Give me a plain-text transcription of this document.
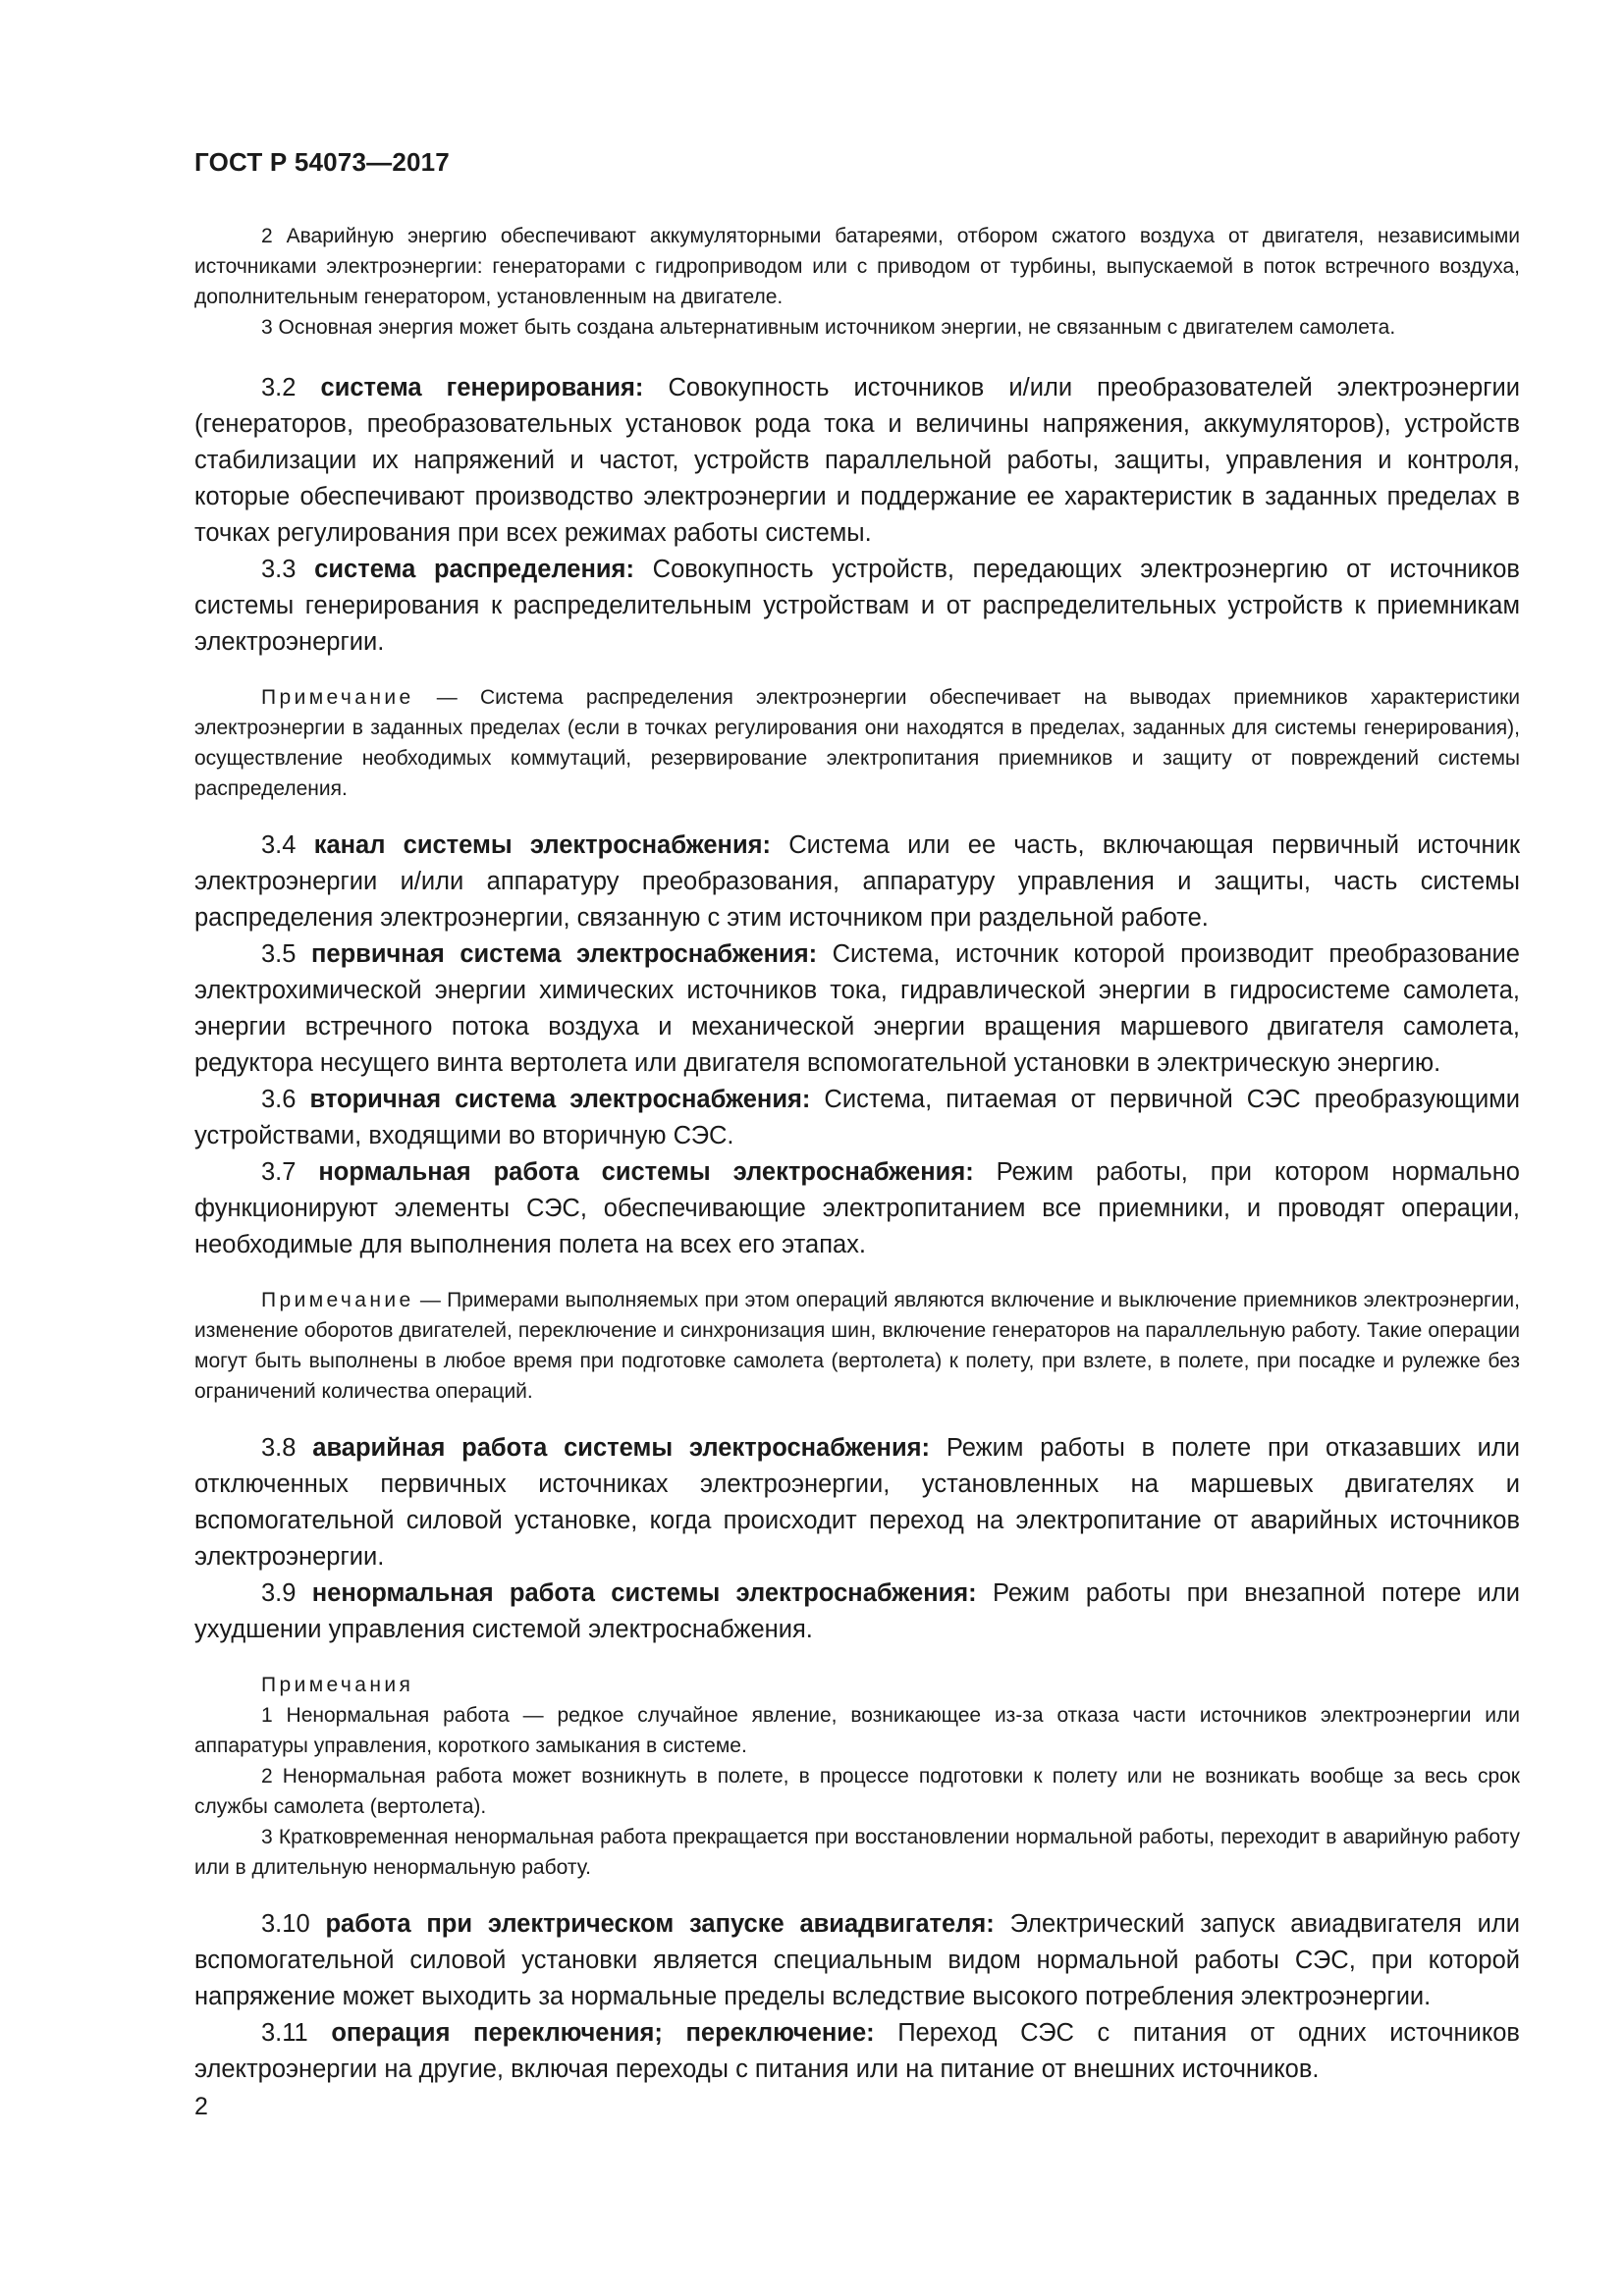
ГОСТ Р 54073—2017

2 Аварийную энергию обеспечивают аккумуляторными батареями, отбором сжатого воздуха от двигателя, независимыми источниками электроэнергии: генераторами с гидроприводом или с приводом от турбины, выпускаемой в поток встречного воздуха, дополнительным генератором, установленным на двигателе.

3 Основная энергия может быть создана альтернативным источником энергии, не связанным с двигателем самолета.

3.2 система генерирования: Совокупность источников и/или преобразователей электроэнергии (генераторов, преобразовательных установок рода тока и величины напряжения, аккумуляторов), устройств стабилизации их напряжений и частот, устройств параллельной работы, защиты, управления и контроля, которые обеспечивают производство электроэнергии и поддержание ее характеристик в заданных пределах в точках регулирования при всех режимах работы системы.

3.3 система распределения: Совокупность устройств, передающих электроэнергию от источников системы генерирования к распределительным устройствам и от распределительных устройств к приемникам электроэнергии.

Примечание — Система распределения электроэнергии обеспечивает на выводах приемников характеристики электроэнергии в заданных пределах (если в точках регулирования они находятся в пределах, заданных для системы генерирования), осуществление необходимых коммутаций, резервирование электропитания приемников и защиту от повреждений системы распределения.

3.4 канал системы электроснабжения: Система или ее часть, включающая первичный источник электроэнергии и/или аппаратуру преобразования, аппаратуру управления и защиты, часть системы распределения электроэнергии, связанную с этим источником при раздельной работе.

3.5 первичная система электроснабжения: Система, источник которой производит преобразование электрохимической энергии химических источников тока, гидравлической энергии в гидросистеме самолета, энергии встречного потока воздуха и механической энергии вращения маршевого двигателя самолета, редуктора несущего винта вертолета или двигателя вспомогательной установки в электрическую энергию.

3.6 вторичная система электроснабжения: Система, питаемая от первичной СЭС преобразующими устройствами, входящими во вторичную СЭС.

3.7 нормальная работа системы электроснабжения: Режим работы, при котором нормально функционируют элементы СЭС, обеспечивающие электропитанием все приемники, и проводят операции, необходимые для выполнения полета на всех его этапах.

Примечание — Примерами выполняемых при этом операций являются включение и выключение приемников электроэнергии, изменение оборотов двигателей, переключение и синхронизация шин, включение генераторов на параллельную работу. Такие операции могут быть выполнены в любое время при подготовке самолета (вертолета) к полету, при взлете, в полете, при посадке и рулежке без ограничений количества операций.

3.8 аварийная работа системы электроснабжения: Режим работы в полете при отказавших или отключенных первичных источниках электроэнергии, установленных на маршевых двигателях и вспомогательной силовой установке, когда происходит переход на электропитание от аварийных источников электроэнергии.

3.9 ненормальная работа системы электроснабжения: Режим работы при внезапной потере или ухудшении управления системой электроснабжения.

Примечания

1 Ненормальная работа — редкое случайное явление, возникающее из-за отказа части источников электроэнергии или аппаратуры управления, короткого замыкания в системе.

2 Ненормальная работа может возникнуть в полете, в процессе подготовки к полету или не возникать вообще за весь срок службы самолета (вертолета).

3 Кратковременная ненормальная работа прекращается при восстановлении нормальной работы, переходит в аварийную работу или в длительную ненормальную работу.

3.10 работа при электрическом запуске авиадвигателя: Электрический запуск авиадвигателя или вспомогательной силовой установки является специальным видом нормальной работы СЭС, при которой напряжение может выходить за нормальные пределы вследствие высокого потребления электроэнергии.

3.11 операция переключения; переключение: Переход СЭС с питания от одних источников электроэнергии на другие, включая переходы с питания или на питание от внешних источников.

2
